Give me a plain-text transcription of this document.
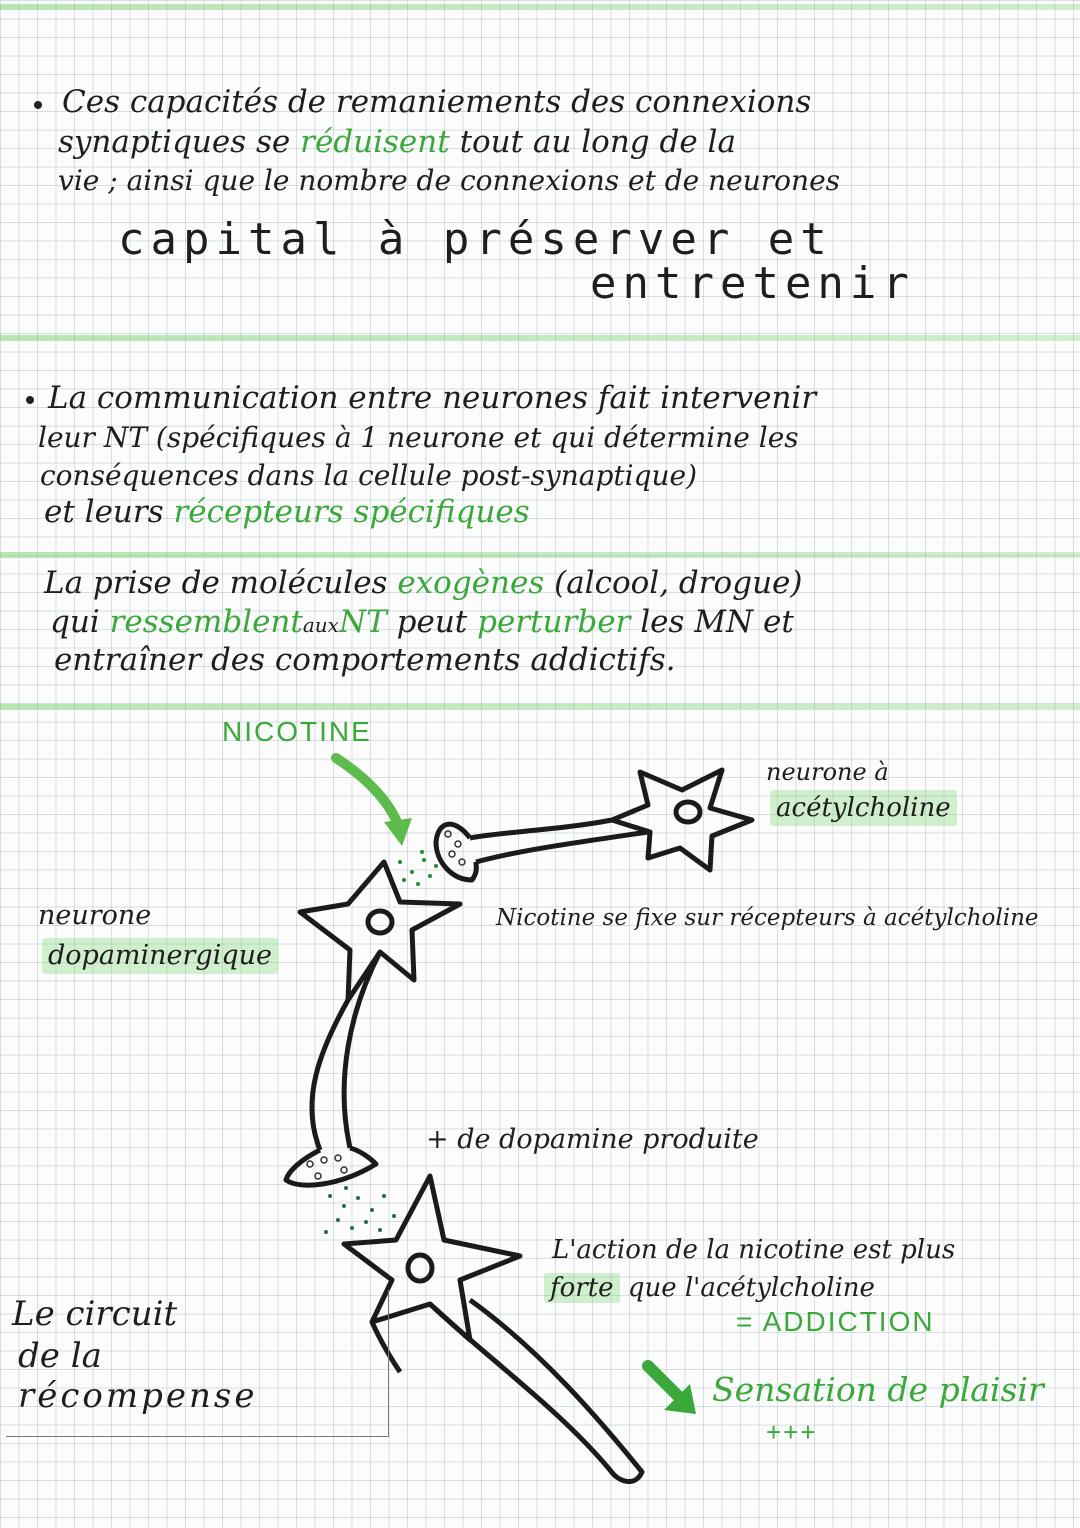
Ces capacités de remaniements des connexions
synaptiques se réduisent tout au long de la
vie ; ainsi que le nombre de connexions et de neurones
capital à préserver et
entretenir
La communication entre neurones fait intervenir
leur NT (spécifiques à 1 neurone et qui détermine les
conséquences dans la cellule post-synaptique)
et leurs récepteurs spécifiques
La prise de molécules exogènes (alcool, drogue)
qui ressemblentauxNT peut perturber les MN et
entraîner des comportements addictifs.
NICOTINE
neurone à
acétylcholine
neurone
dopaminergique
Nicotine se fixe sur récepteurs à acétylcholine
+ de dopamine produite
L'action de la nicotine est plus
forte que l'acétylcholine
= ADDICTION
Sensation de plaisir
+++
Le circuit
de la
récompense
